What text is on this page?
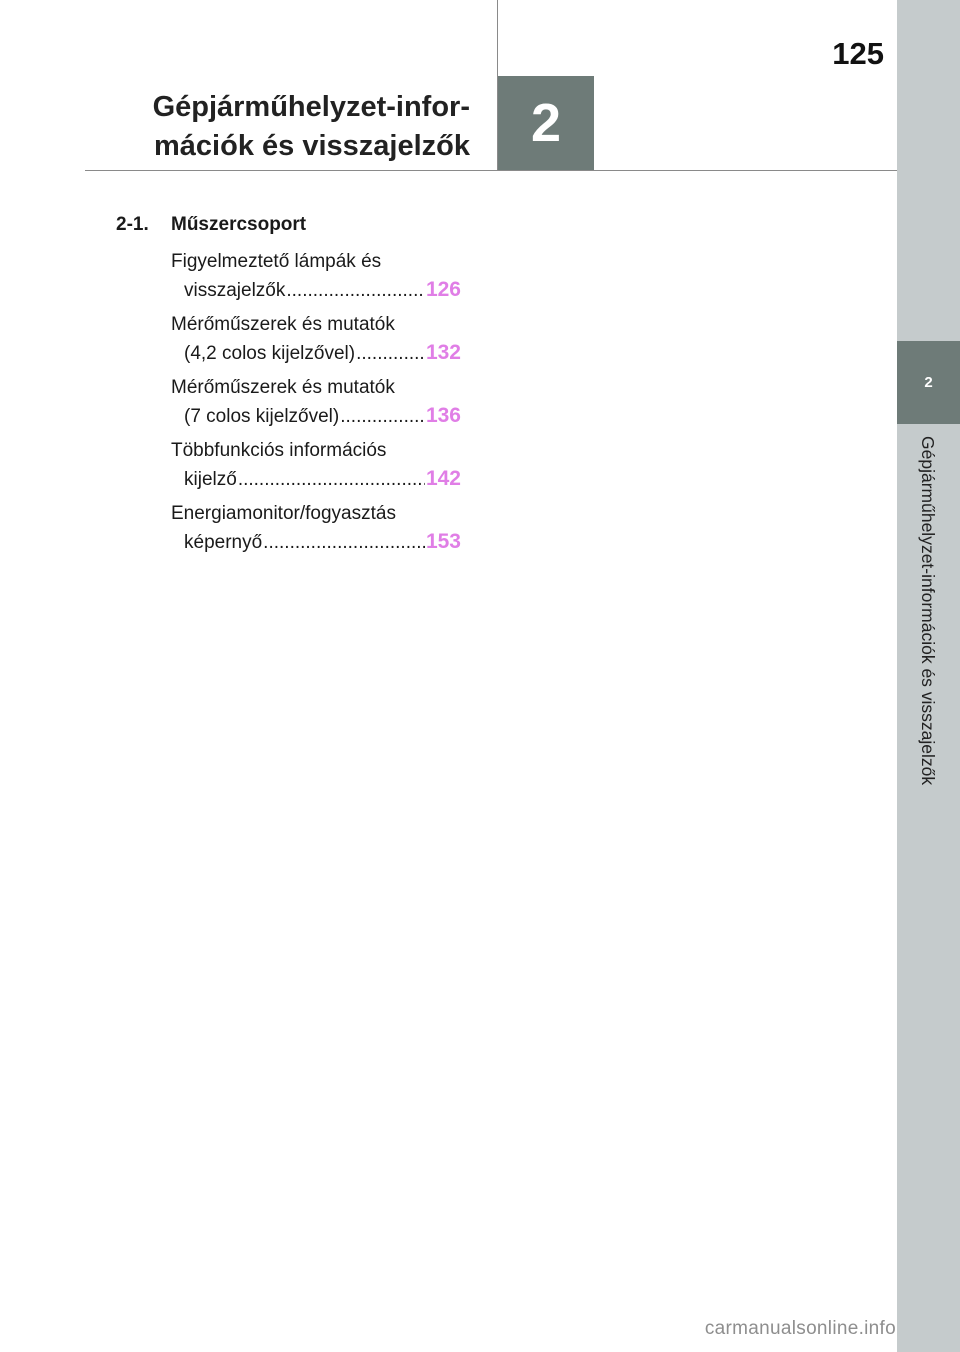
125
Gépjárműhelyzet-infor-
mációk és visszajelzők	2
2
Gépjárműhelyzet-információk és visszajelzők
2-1. Műszercsoport
Figyelmeztető lámpák és
visszajelzők .....	126
Mérőműszerek és mutatók
(4,2 colos kijelzővel) .....	132
Mérőműszerek és mutatók
(7 colos kijelzővel) .....	136
Többfunkciós információs
kijelző .....	142
Energiamonitor/fogyasztás
képernyő .....	153
carmanualsonline.info
